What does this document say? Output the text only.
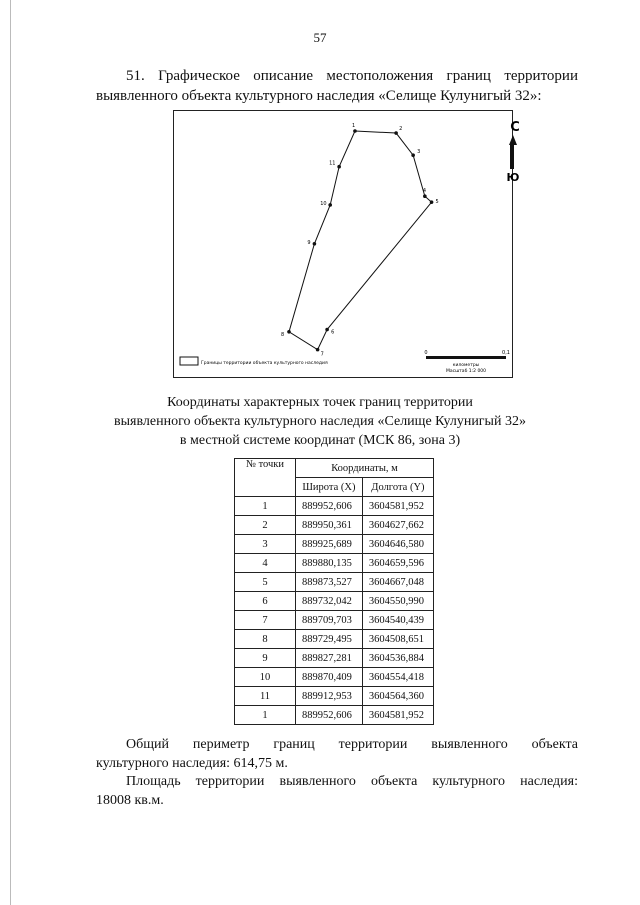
57
51. Графическое описание местоположения границ территории
выявленного объекта культурного наследия «Селище Кулунигый 32»:
1
2
3
4
5
6
7
8
9
10
11
С
Ю
Границы территории объекта культурного наследия
0	0,1
километры
Масштаб 1:2 000
Координаты характерных точек границ территории
выявленного объекта культурного наследия «Селище Кулунигый 32»
в местной системе координат (МСК 86, зона 3)
№ точки	Координаты, м	
	Широта (X)	Долгота (Y)
1	889952,606	3604581,952
2	889950,361	3604627,662
3	889925,689	3604646,580
4	889880,135	3604659,596
5	889873,527	3604667,048
6	889732,042	3604550,990
7	889709,703	3604540,439
8	889729,495	3604508,651
9	889827,281	3604536,884
10	889870,409	3604554,418
11	889912,953	3604564,360
1	889952,606	3604581,952
Общий периметр границ территории выявленного объекта
культурного наследия: 614,75 м.
Площадь территории выявленного объекта культурного наследия:
18008 кв.м.
